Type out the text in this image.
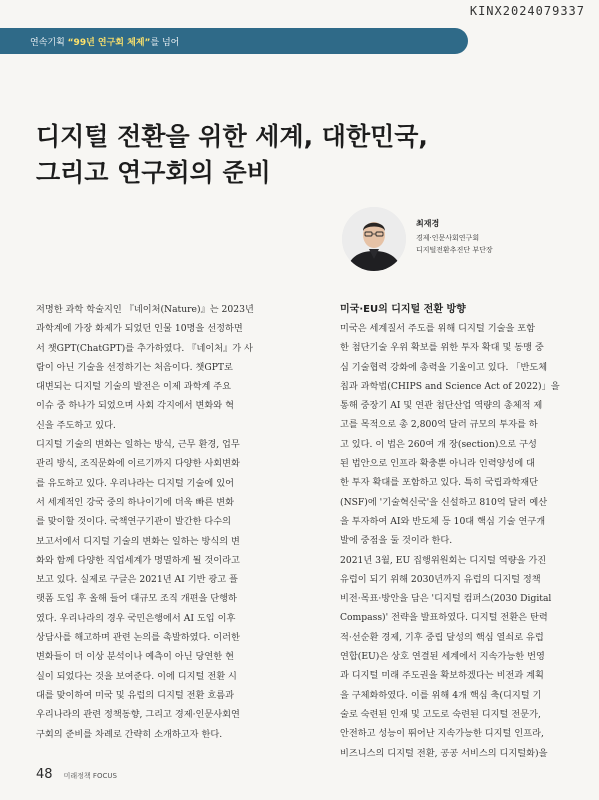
KINX2024079337
연속기획 “99년 연구회 체제”를 넘어
디지털 전환을 위한 세계, 대한민국,
그리고 연구회의 준비
최재경
경제·인문사회연구회
디지털전환추진단 부단장
저명한 과학 학술지인 『네이처(Nature)』는 2023년
과학계에 가장 화제가 되었던 인물 10명을 선정하면
서 챗GPT(ChatGPT)를 추가하였다. 『네이처』가 사
람이 아닌 기술을 선정하기는 처음이다. 챗GPT로
대변되는 디지털 기술의 발전은 이제 과학계 주요
이슈 중 하나가 되었으며 사회 각지에서 변화와 혁
신을 주도하고 있다.
디지털 기술의 변화는 일하는 방식, 근무 환경, 업무
관리 방식, 조직문화에 이르기까지 다양한 사회변화
를 유도하고 있다. 우리나라는 디지털 기술에 있어
서 세계적인 강국 중의 하나이기에 더욱 빠른 변화
를 맞이할 것이다. 국책연구기관이 발간한 다수의
보고서에서 디지털 기술의 변화는 일하는 방식의 변
화와 함께 다양한 직업세계가 명멸하게 될 것이라고
보고 있다. 실제로 구글은 2021년 AI 기반 광고 플
랫폼 도입 후 올해 들어 대규모 조직 개편을 단행하
였다. 우리나라의 경우 국민은행에서 AI 도입 이후
상담사를 해고하며 관련 논의를 촉발하였다. 이러한
변화들이 더 이상 분석이나 예측이 아닌 당연한 현
실이 되었다는 것을 보여준다. 이에 디지털 전환 시
대를 맞이하여 미국 및 유럽의 디지털 전환 흐름과
우리나라의 관련 정책동향, 그리고 경제·인문사회연
구회의 준비를 차례로 간략히 소개하고자 한다.
미국·EU의 디지털 전환 방향
미국은 세계질서 주도를 위해 디지털 기술을 포함
한 첨단기술 우위 확보를 위한 투자 확대 및 동맹 중
심 기술협력 강화에 총력을 기울이고 있다. 「반도체
칩과 과학법(CHIPS and Science Act of 2022)」을
통해 중장기 AI 및 연관 첨단산업 역량의 총체적 제
고를 목적으로 총 2,800억 달러 규모의 투자를 하
고 있다. 이 법은 260여 개 장(section)으로 구성
된 법안으로 인프라 확충뿐 아니라 인력양성에 대
한 투자 확대를 포함하고 있다. 특히 국립과학재단
(NSF)에 '기술혁신국'을 신설하고 810억 달러 예산
을 투자하여 AI와 반도체 등 10대 핵심 기술 연구개
발에 중점을 둘 것이라 한다.
2021년 3월, EU 집행위원회는 디지털 역량을 가진
유럽이 되기 위해 2030년까지 유럽의 디지털 정책
비전·목표·방안을 담은 '디지털 컴퍼스(2030 Digital
Compass)' 전략을 발표하였다. 디지털 전환은 탄력
적·선순환 경제, 기후 중립 달성의 핵심 열쇠로 유럽
연합(EU)은 상호 연결된 세계에서 지속가능한 번영
과 디지털 미래 주도권을 확보하겠다는 비전과 계획
을 구체화하였다. 이를 위해 4개 핵심 축(디지털 기
술로 숙련된 인재 및 고도로 숙련된 디지털 전문가,
안전하고 성능이 뛰어난 지속가능한 디지털 인프라,
비즈니스의 디지털 전환, 공공 서비스의 디지털화)을
48 미래정책 FOCUS
